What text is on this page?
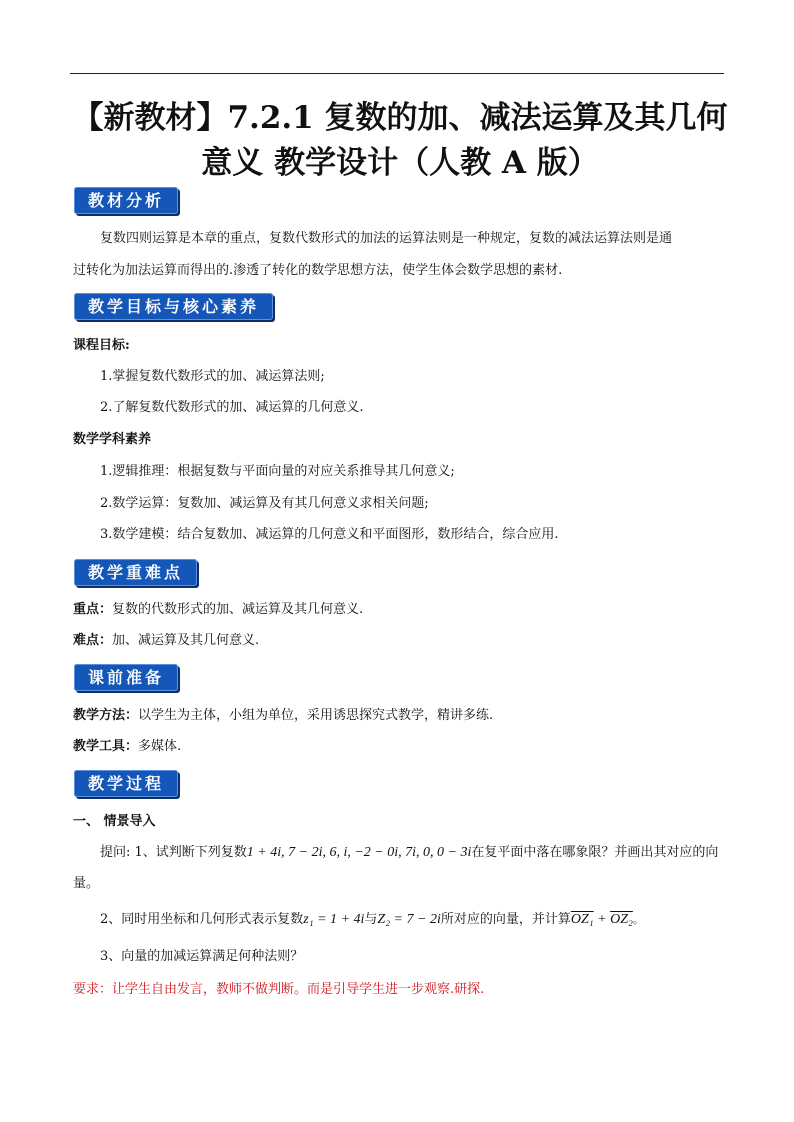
【新教材】7.2.1 复数的加、减法运算及其几何
意义 教学设计（人教 A 版）
教材分析
复数四则运算是本章的重点，复数代数形式的加法的运算法则是一种规定，复数的减法运算法则是通
过转化为加法运算而得出的.渗透了转化的数学思想方法，使学生体会数学思想的素材.
教学目标与核心素养
课程目标:
1.掌握复数代数形式的加、减运算法则;
2.了解复数代数形式的加、减运算的几何意义.
数学学科素养
1.逻辑推理：根据复数与平面向量的对应关系推导其几何意义;
2.数学运算：复数加、减运算及有其几何意义求相关问题;
3.数学建模：结合复数加、减运算的几何意义和平面图形，数形结合，综合应用.
教学重难点
重点：复数的代数形式的加、减运算及其几何意义.
难点：加、减运算及其几何意义.
课前准备
教学方法：以学生为主体，小组为单位，采用诱思探究式教学，精讲多练.
教学工具：多媒体.
教学过程
一、 情景导入
提问: 1、试判断下列复数1 + 4i, 7 − 2i, 6, i, −2 − 0i, 7i, 0, 0 − 3i在复平面中落在哪象限？并画出其对应的向
量。
2、同时用坐标和几何形式表示复数z₁ = 1 + 4i与Z₂ = 7 − 2i所对应的向量，并计算OZ₁ + OZ₂。
3、向量的加减运算满足何种法则？
要求：让学生自由发言，教师不做判断。而是引导学生进一步观察.研探.
